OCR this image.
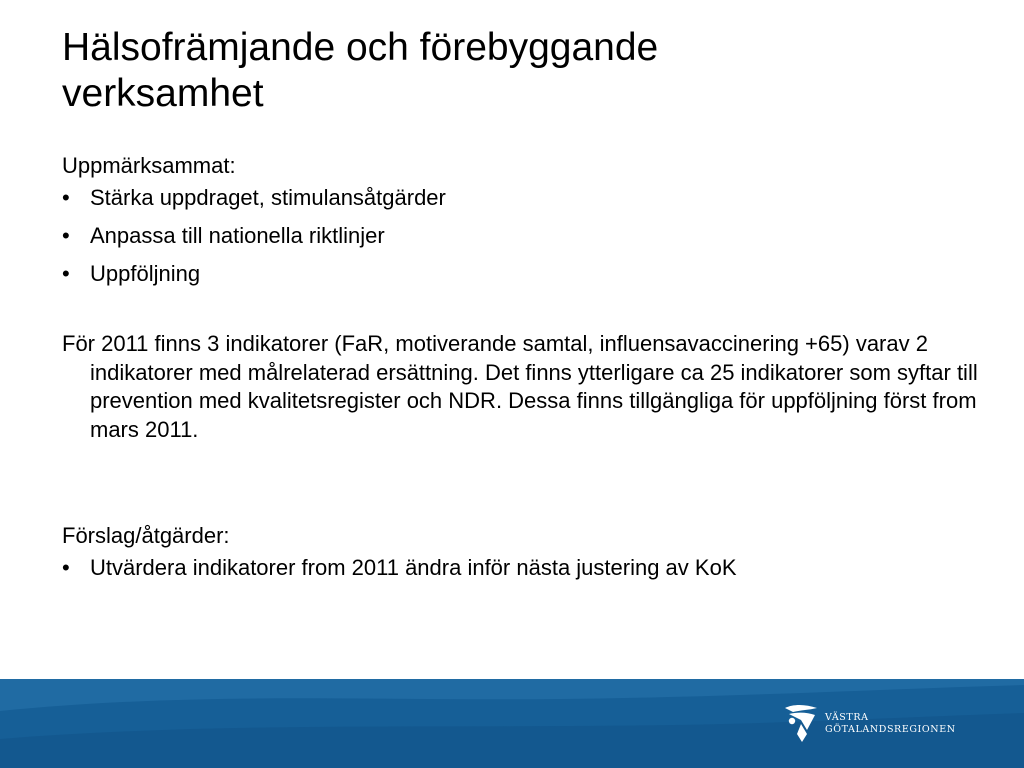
Hälsofrämjande och förebyggande
verksamhet
Uppmärksammat:
• Stärka uppdraget, stimulansåtgärder
• Anpassa till nationella riktlinjer
• Uppföljning

För 2011 finns 3 indikatorer (FaR, motiverande samtal, influensavaccinering +65) varav 2 indikatorer med målrelaterad ersättning. Det finns ytterligare ca 25 indikatorer som syftar till prevention med kvalitetsregister och NDR. Dessa finns tillgängliga för uppföljning först from mars 2011.

Förslag/åtgärder:
• Utvärdera indikatorer from 2011 ändra inför nästa justering av KoK
VÄSTRA
GÖTALANDSREGIONEN
